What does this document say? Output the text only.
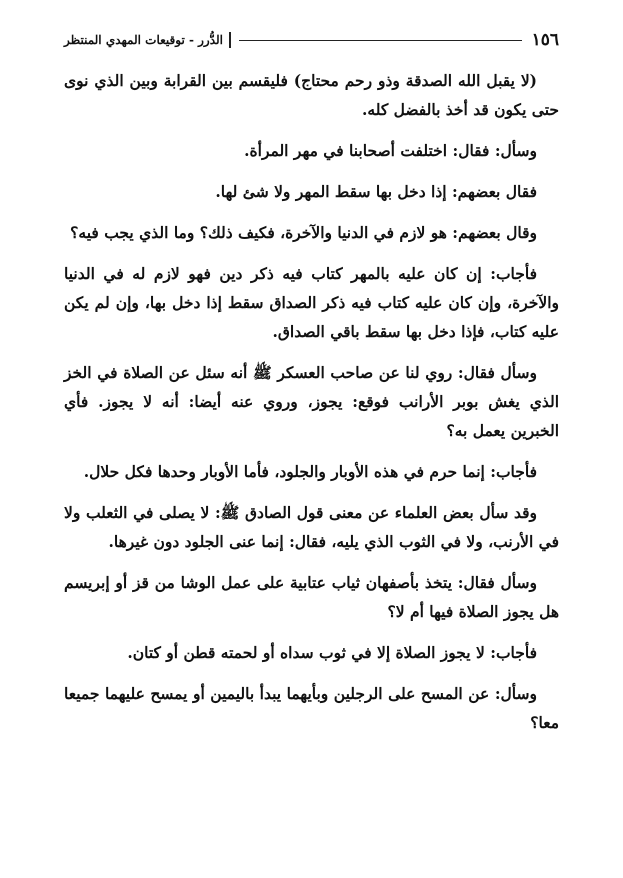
١٥٦
الدُّرر - توقيعات المهدي المنتظر

(لا يقبل الله الصدقة وذو رحم محتاج) فليقسم بين القرابة وبين الذي نوى حتى يكون قد أخذ بالفضل كله.

وسأل: فقال: اختلفت أصحابنا في مهر المرأة.

فقال بعضهم: إذا دخل بها سقط المهر ولا شئ لها.

وقال بعضهم: هو لازم في الدنيا والآخرة، فكيف ذلك؟ وما الذي يجب فيه؟

فأجاب: إن كان عليه بالمهر كتاب فيه ذكر دين فهو لازم له في الدنيا والآخرة، وإن كان عليه كتاب فيه ذكر الصداق سقط إذا دخل بها، وإن لم يكن عليه كتاب، فإذا دخل بها سقط باقي الصداق.

وسأل فقال: روي لنا عن صاحب العسكر ﷺ أنه سئل عن الصلاة في الخز الذي يغش بوبر الأرانب فوقع: يجوز، وروي عنه أيضا: أنه لا يجوز. فأي الخبرين يعمل به؟

فأجاب: إنما حرم في هذه الأوبار والجلود، فأما الأوبار وحدها فكل حلال.

وقد سأل بعض العلماء عن معنى قول الصادق ﷺ: لا يصلى في الثعلب ولا في الأرنب، ولا في الثوب الذي يليه، فقال: إنما عنى الجلود دون غيرها.

وسأل فقال: يتخذ بأصفهان ثياب عتابية على عمل الوشا من قز أو إبريسم هل يجوز الصلاة فيها أم لا؟

فأجاب: لا يجوز الصلاة إلا في ثوب سداه أو لحمته قطن أو كتان.

وسأل: عن المسح على الرجلين وبأيهما يبدأ باليمين أو يمسح عليهما جميعا معا؟
